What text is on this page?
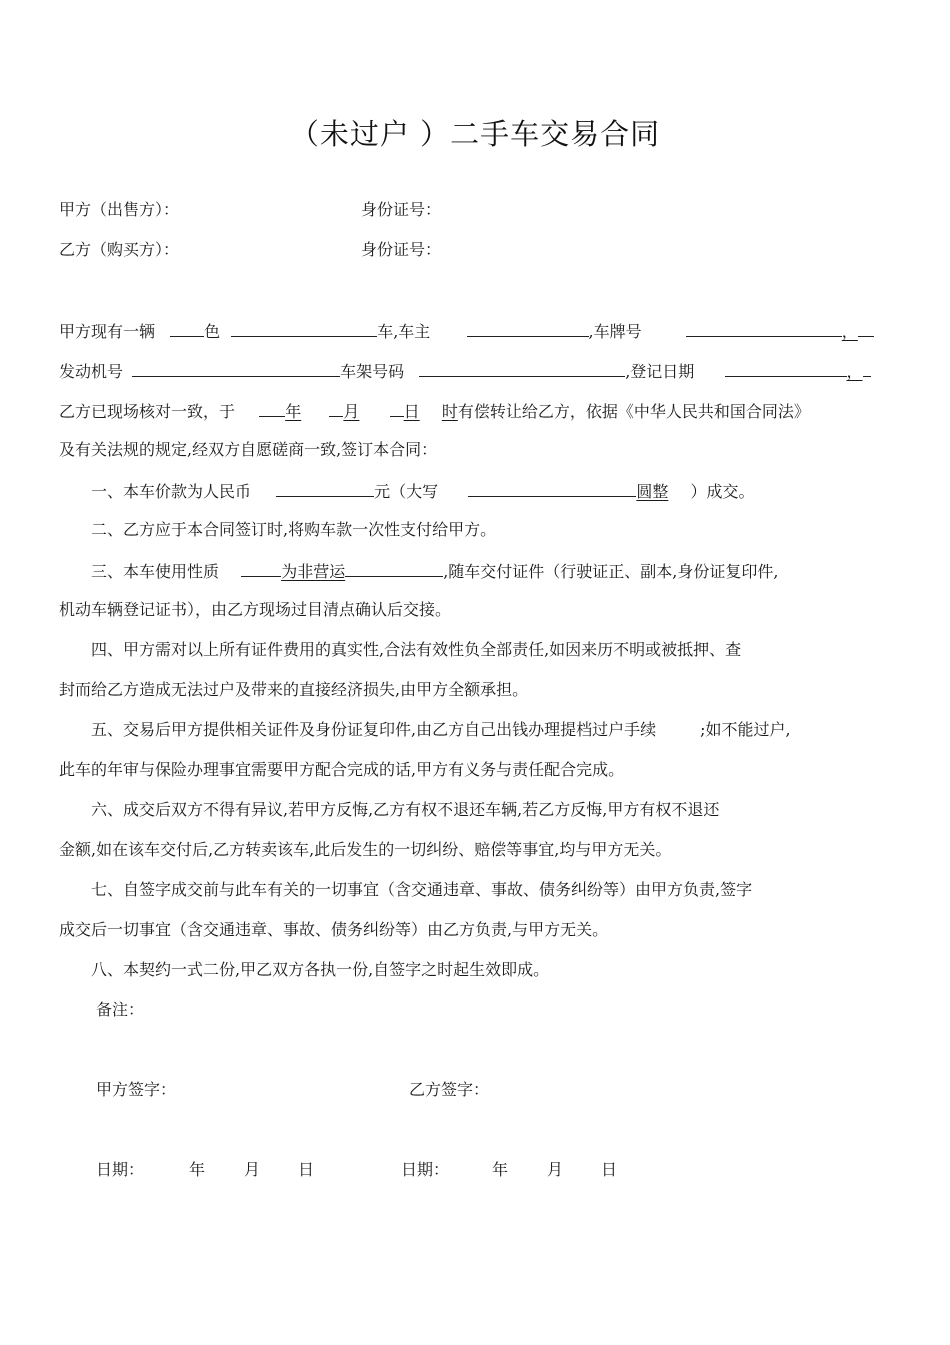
（未过户 ）二手车交易合同
甲方（出售方）：	身份证号：
乙方（购买方）：	身份证号：
甲方现有一辆	色	车,车主	,车牌号	，
发动机号	车架号码	,登记日期	，
乙方已现场核对一致，于	年	月	日 时有偿转让给乙方，依据《中华人民共和国合同法》
及有关法规的规定,经双方自愿磋商一致,签订本合同：
一、本车价款为人民币	元（大写	圆整 ）成交。
二、乙方应于本合同签订时,将购车款一次性支付给甲方。
三、本车使用性质	为非营运	,随车交付证件（行驶证正、副本,身份证复印件,
机动车辆登记证书），由乙方现场过目清点确认后交接。
四、甲方需对以上所有证件费用的真实性,合法有效性负全部责任,如因来历不明或被抵押、查
封而给乙方造成无法过户及带来的直接经济损失,由甲方全额承担。
五、交易后甲方提供相关证件及身份证复印件,由乙方自己出钱办理提档过户手续	;如不能过户,
此车的年审与保险办理事宜需要甲方配合完成的话,甲方有义务与责任配合完成。
六、成交后双方不得有异议,若甲方反悔,乙方有权不退还车辆,若乙方反悔,甲方有权不退还
金额,如在该车交付后,乙方转卖该车,此后发生的一切纠纷、赔偿等事宜,均与甲方无关。
七、自签字成交前与此车有关的一切事宜（含交通违章、事故、债务纠纷等）由甲方负责,签字
成交后一切事宜（含交通违章、事故、债务纠纷等）由乙方负责,与甲方无关。
八、本契约一式二份,甲乙双方各执一份,自签字之时起生效即成。
备注：
甲方签字：	乙方签字：
日期：	年 月 日	日期：	年 月 日
